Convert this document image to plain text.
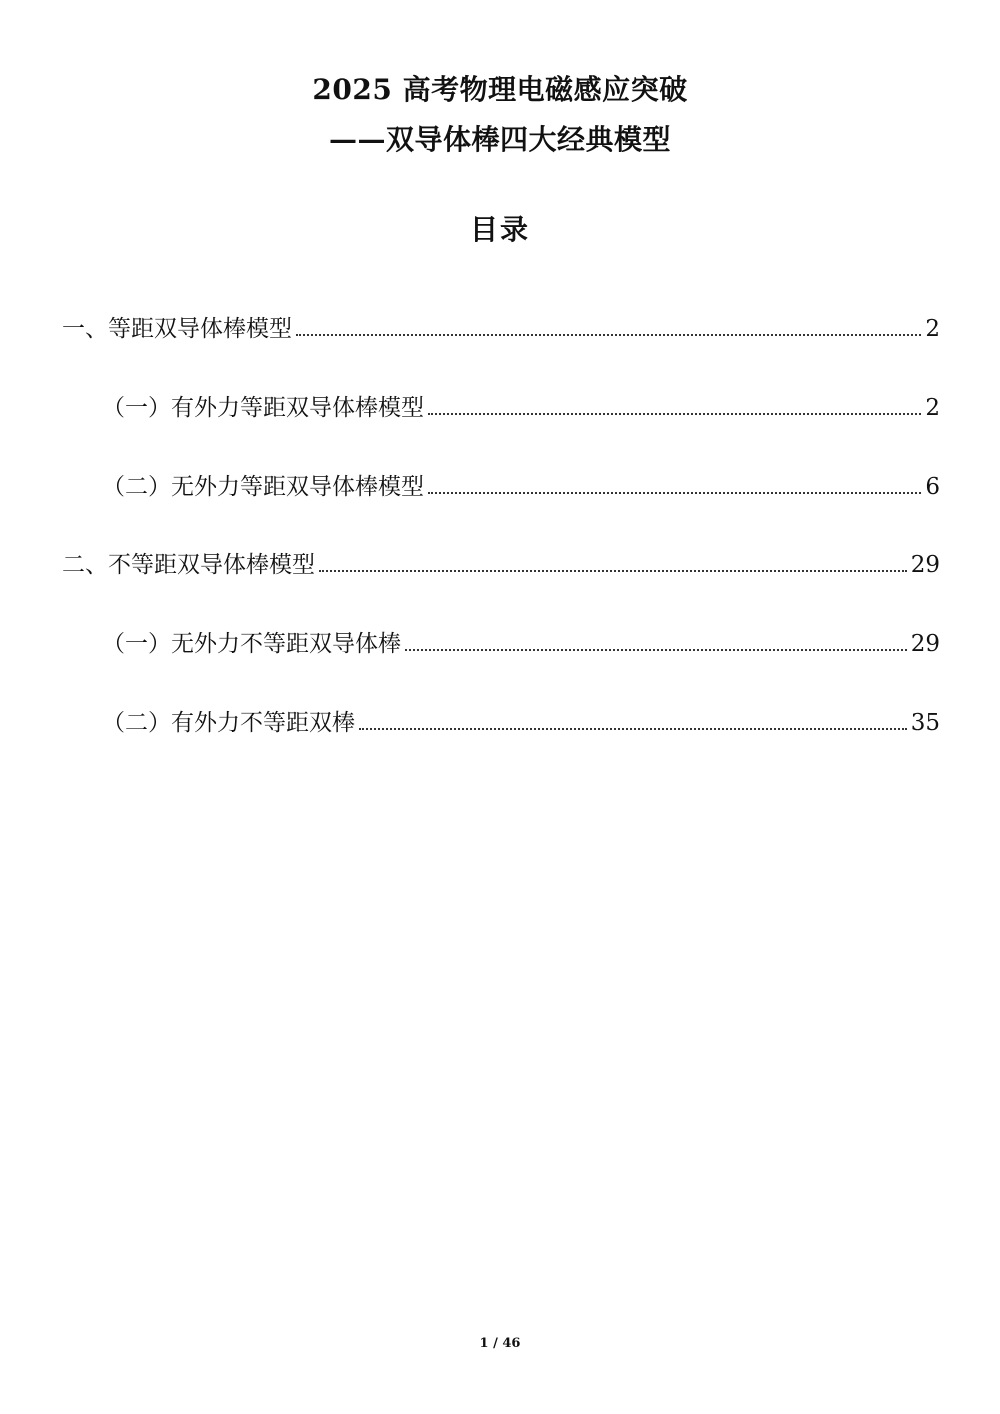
2025 高考物理电磁感应突破
——双导体棒四大经典模型
目录
一、等距双导体棒模型	2
（一）有外力等距双导体棒模型	2
（二）无外力等距双导体棒模型	6
二、不等距双导体棒模型	29
（一）无外力不等距双导体棒	29
（二）有外力不等距双棒	35
1 / 46
